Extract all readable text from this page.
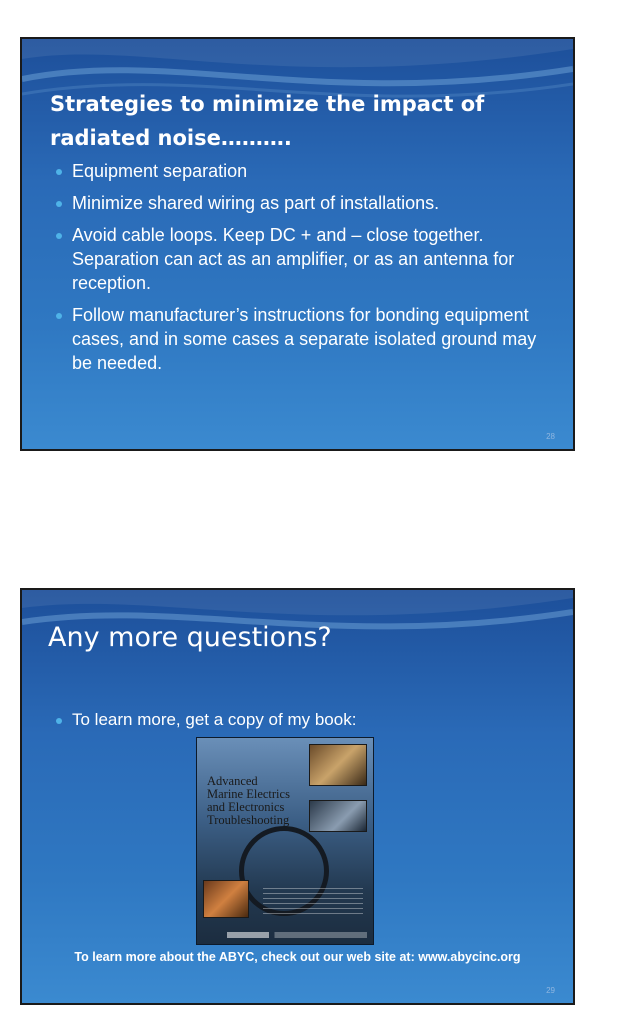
Strategies to minimize the impact of
radiated noise……….
Equipment separation
Minimize shared wiring as part of installations.
Avoid cable loops. Keep DC + and – close together. Separation can act as an amplifier, or as an antenna for reception.
Follow manufacturer’s instructions for bonding equipment cases, and in some cases a separate isolated ground may be needed.
28
Any more questions?
To learn more, get a copy of my book:

Advanced
Marine Electrics
and Electronics
Troubleshooting

To learn more about the ABYC, check out our web site at: www.abycinc.org

29
